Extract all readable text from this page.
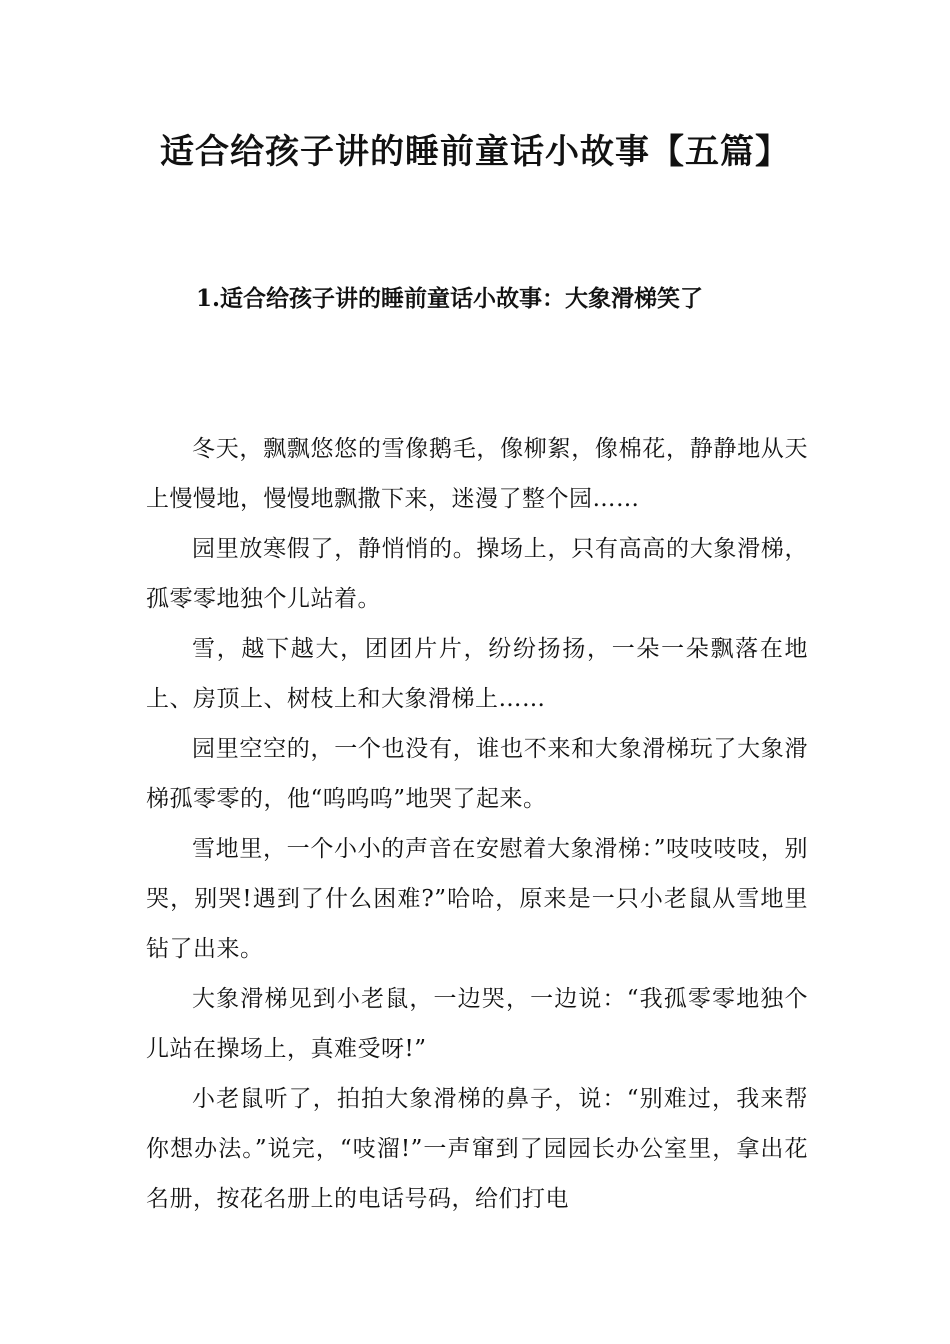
适合给孩子讲的睡前童话小故事【五篇】
1.适合给孩子讲的睡前童话小故事：大象滑梯笑了

冬天，飘飘悠悠的雪像鹅毛，像柳絮，像棉花，静静地从天上慢慢地，慢慢地飘撒下来，迷漫了整个园……

园里放寒假了，静悄悄的。操场上，只有高高的大象滑梯，孤零零地独个儿站着。

雪，越下越大，团团片片，纷纷扬扬，一朵一朵飘落在地上、房顶上、树枝上和大象滑梯上……

园里空空的，一个也没有，谁也不来和大象滑梯玩了大象滑梯孤零零的，他“呜呜呜”地哭了起来。

雪地里，一个小小的声音在安慰着大象滑梯：”吱吱吱吱，别哭，别哭!遇到了什么困难?”哈哈，原来是一只小老鼠从雪地里钻了出来。

大象滑梯见到小老鼠，一边哭，一边说：“我孤零零地独个儿站在操场上，真难受呀!”

小老鼠听了，拍拍大象滑梯的鼻子，说：“别难过，我来帮你想办法。”说完，“吱溜!”一声窜到了园园长办公室里，拿出花名册，按花名册上的电话号码，给们打电
